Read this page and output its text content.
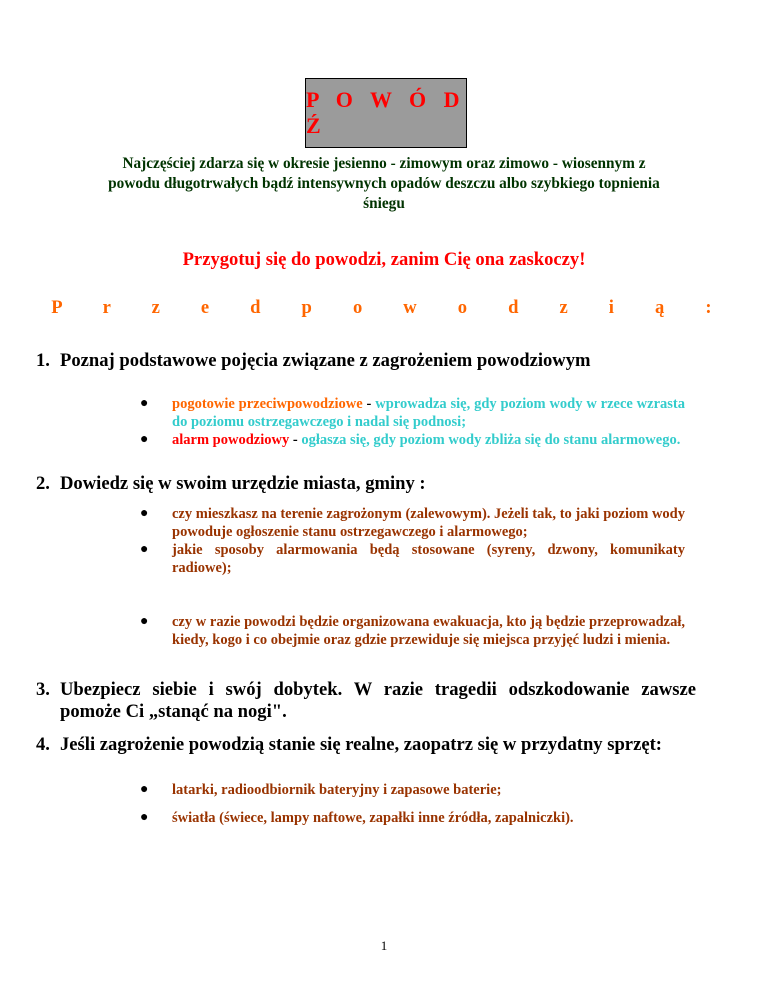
P O W Ó D Ź
Najczęściej zdarza się w okresie jesienno - zimowym oraz zimowo - wiosennym z powodu długotrwałych bądź intensywnych opadów deszczu albo szybkiego topnienia śniegu
Przygotuj się do powodzi, zanim Cię ona zaskoczy!
P r z e d p o w o d z i ą :
1. Poznaj podstawowe pojęcia związane z zagrożeniem powodziowym
● pogotowie przeciwpowodziowe - wprowadza się, gdy poziom wody w rzece wzrasta do poziomu ostrzegawczego i nadal się podnosi;
● alarm powodziowy - ogłasza się, gdy poziom wody zbliża się do stanu alarmowego.
2. Dowiedz się w swoim urzędzie miasta, gminy :
● czy mieszkasz na terenie zagrożonym (zalewowym). Jeżeli tak, to jaki poziom wody powoduje ogłoszenie stanu ostrzegawczego i alarmowego;
● jakie sposoby alarmowania będą stosowane (syreny, dzwony, komunikaty radiowe);
● czy w razie powodzi będzie organizowana ewakuacja, kto ją będzie przeprowadzał, kiedy, kogo i co obejmie oraz gdzie przewiduje się miejsca przyjęć ludzi i mienia.
3. Ubezpiecz siebie i swój dobytek. W razie tragedii odszkodowanie zawsze pomoże Ci „stanąć na nogi".
4. Jeśli zagrożenie powodzią stanie się realne, zaopatrz się w przydatny sprzęt:
● latarki, radioodbiornik bateryjny i zapasowe baterie;
● światła (świece, lampy naftowe, zapałki inne źródła, zapalniczki).
1
